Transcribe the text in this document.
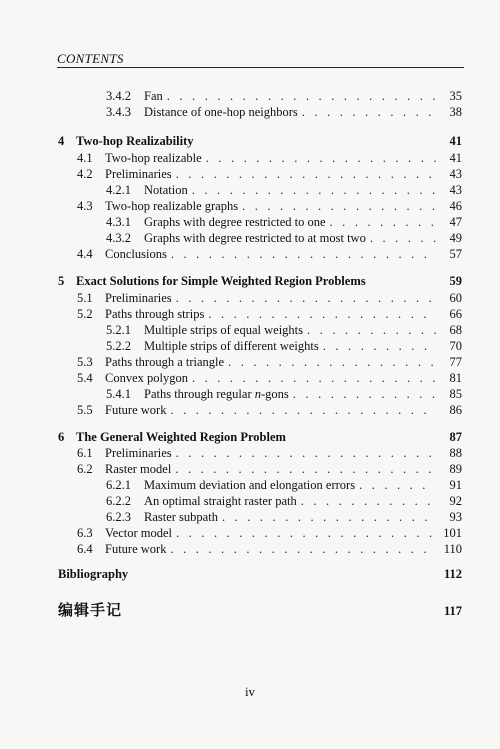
CONTENTS
3.4.2	Fan . . .	35
3.4.3	Distance of one-hop neighbors . . .	38
4 Two-hop Realizability	41
4.1 Two-hop realizable . . .	41
4.2 Preliminaries . . .	43
4.2.1	Notation . . .	43
4.3 Two-hop realizable graphs . . .	46
4.3.1	Graphs with degree restricted to one . . .	47
4.3.2	Graphs with degree restricted to at most two . . .	49
4.4 Conclusions . . .	57
5 Exact Solutions for Simple Weighted Region Problems	59
5.1 Preliminaries . . .	60
5.2 Paths through strips . . .	66
5.2.1	Multiple strips of equal weights . . .	68
5.2.2	Multiple strips of different weights . . .	70
5.3 Paths through a triangle . . .	77
5.4 Convex polygon . . .	81
5.4.1	Paths through regular n-gons . . .	85
5.5 Future work . . .	86
6 The General Weighted Region Problem	87
6.1 Preliminaries . . .	88
6.2 Raster model . . .	89
6.2.1	Maximum deviation and elongation errors . . .	91
6.2.2	An optimal straight raster path . . .	92
6.2.3	Raster subpath . . .	93
6.3 Vector model . . .	101
6.4 Future work . . .	110
Bibliography	112
编辑手记	117
iv
